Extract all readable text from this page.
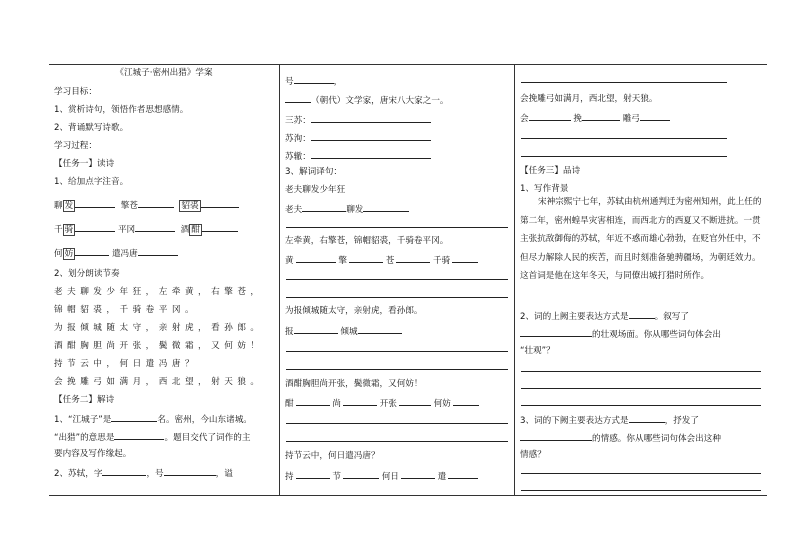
《江城子·密州出猎》学案
学习目标：
1、赏析诗句，领悟作者思想感情。
2、背诵默写诗歌。
学习过程：
【任务一】读诗
1、给加点字注音。
聊 发	擎苍	貂裘
千 骑	平冈	酒 酣
何 妨	遣冯唐
2、划分朗读节奏
老夫聊发少年狂，左牵黄，右擎苍，
锦帽貂裘，千骑卷平冈。
为报倾城随太守，亲射虎，看孙郎。
酒酣胸胆尚开张，鬓微霜，又何妨！
持节云中，何日遣冯唐？
会挽雕弓如满月，西北望，射天狼。
【任务二】解诗
1、“江城子”是	名。密州，今山东诸城。
“出猎”的意思是	。题目交代了词作的主
要内容及写作缘起。
2、苏轼，字	，号	，谥
号	，
（朝代）文学家，唐宋八大家之一。
三苏：
苏洵：
苏辙：
3、解词译句：
老夫聊发少年狂
老夫	聊发
左牵黄，右擎苍，锦帽貂裘，千骑卷平冈。
黄	擎	苍	千骑
为报倾城随太守，亲射虎，看孙郎。
报	倾城
酒酣胸胆尚开张，鬓微霜，又何妨！
酣	尚	开张	何妨
持节云中，何日遣冯唐？
持	节	何日	遣
会挽雕弓如满月，西北望，射天狼。
会	挽	雕弓
【任务三】品诗
1、写作背景
宋神宗熙宁七年，苏轼由杭州通判迁为密州知州，此上任的第二年，密州蝗旱灾害相连，而西北方的西夏又不断进扰。一贯主张抗敌御侮的苏轼，年近不惑而雄心勃勃，在贬官外任中，不但尽力解除人民的疾苦，而且时刻准备驰骋疆场，为朝廷效力。这首词是他在这年冬天，与同僚出城打猎时所作。
2、词的上阙主要表达方式是	。叙写了
的壮观场面。你从哪些词句体会出
“壮观”？
3、词的下阙主要表达方式是	，抒发了
的情感。你从哪些词句体会出这种
情感？
